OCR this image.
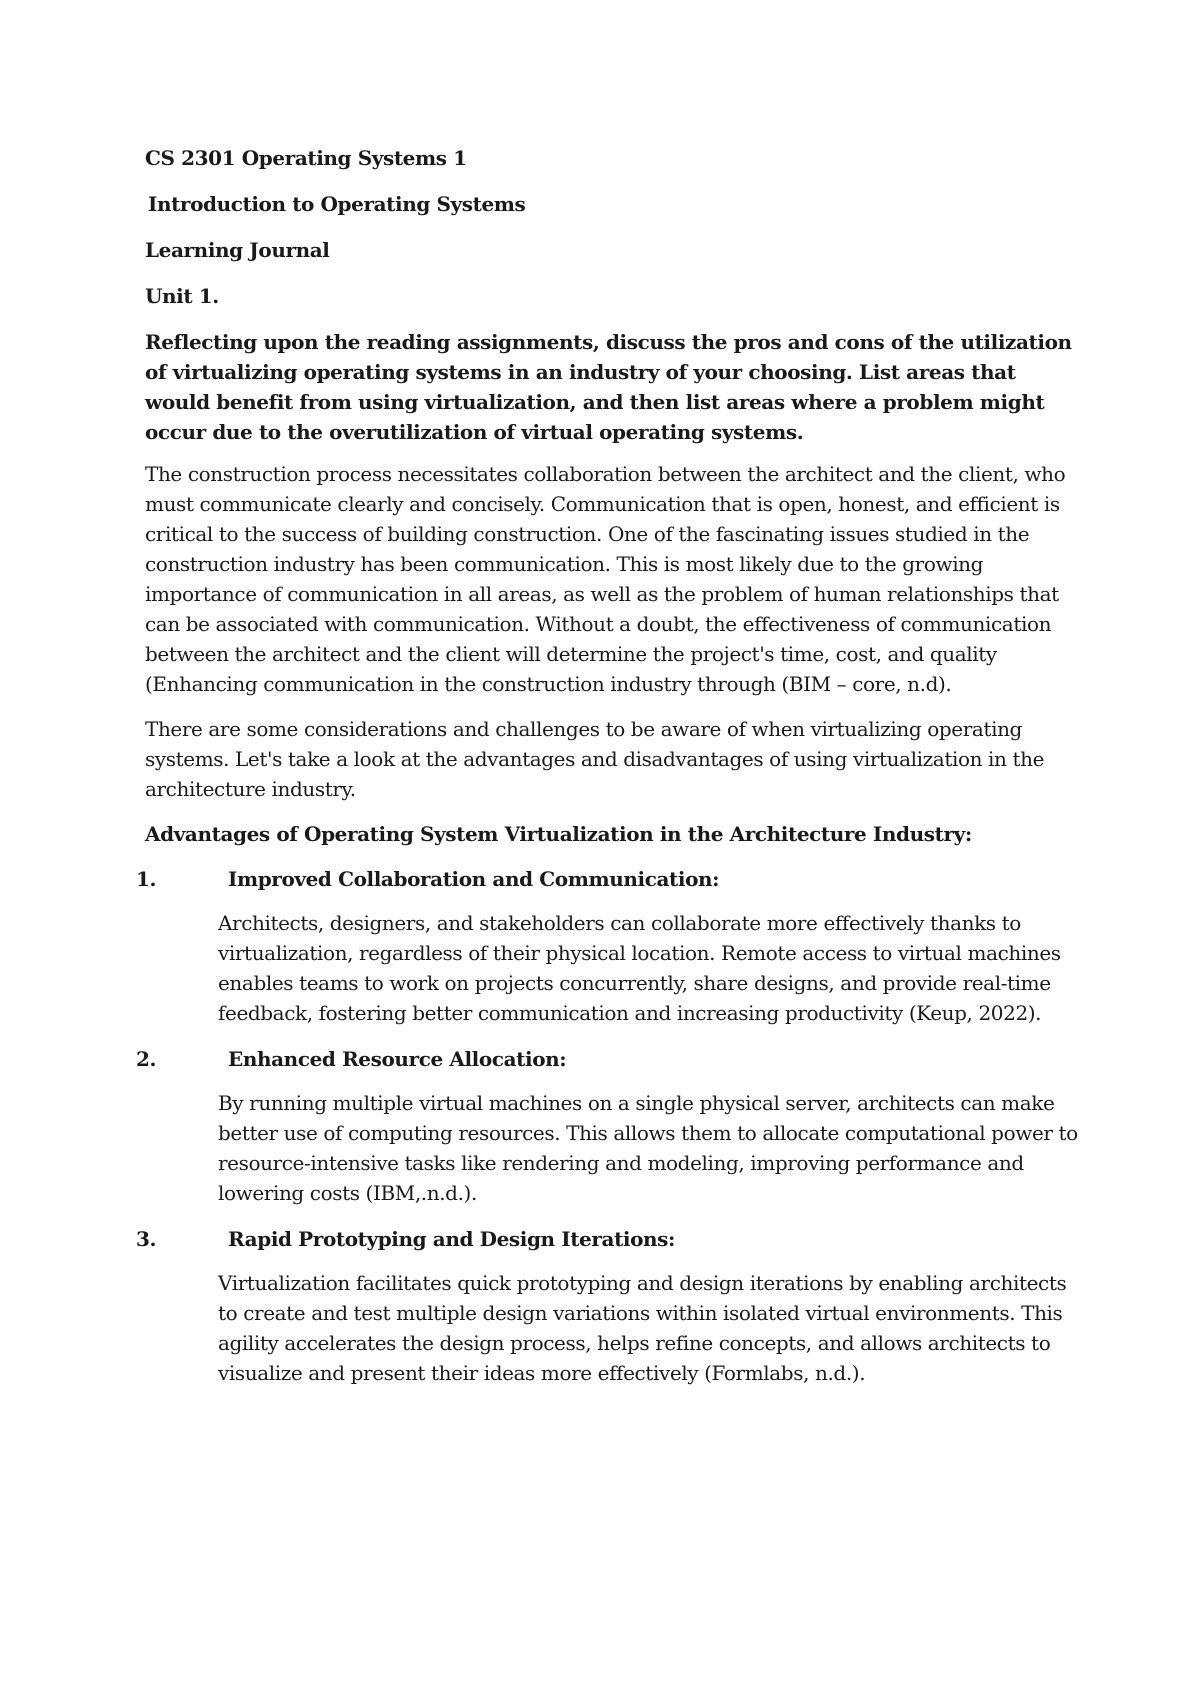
CS 2301 Operating Systems 1

Introduction to Operating Systems

Learning Journal

Unit 1.

Reflecting upon the reading assignments, discuss the pros and cons of the utilization of virtualizing operating systems in an industry of your choosing. List areas that would benefit from using virtualization, and then list areas where a problem might occur due to the overutilization of virtual operating systems.

The construction process necessitates collaboration between the architect and the client, who must communicate clearly and concisely. Communication that is open, honest, and efficient is critical to the success of building construction. One of the fascinating issues studied in the construction industry has been communication. This is most likely due to the growing importance of communication in all areas, as well as the problem of human relationships that can be associated with communication. Without a doubt, the effectiveness of communication between the architect and the client will determine the project's time, cost, and quality (Enhancing communication in the construction industry through (BIM – core, n.d).

There are some considerations and challenges to be aware of when virtualizing operating systems. Let's take a look at the advantages and disadvantages of using virtualization in the architecture industry.

Advantages of Operating System Virtualization in the Architecture Industry:

1.	Improved Collaboration and Communication:

Architects, designers, and stakeholders can collaborate more effectively thanks to virtualization, regardless of their physical location. Remote access to virtual machines enables teams to work on projects concurrently, share designs, and provide real-time feedback, fostering better communication and increasing productivity (Keup, 2022).

2.	Enhanced Resource Allocation:

By running multiple virtual machines on a single physical server, architects can make better use of computing resources. This allows them to allocate computational power to resource-intensive tasks like rendering and modeling, improving performance and lowering costs (IBM,.n.d.).

3.	Rapid Prototyping and Design Iterations:

Virtualization facilitates quick prototyping and design iterations by enabling architects to create and test multiple design variations within isolated virtual environments. This agility accelerates the design process, helps refine concepts, and allows architects to visualize and present their ideas more effectively (Formlabs, n.d.).
